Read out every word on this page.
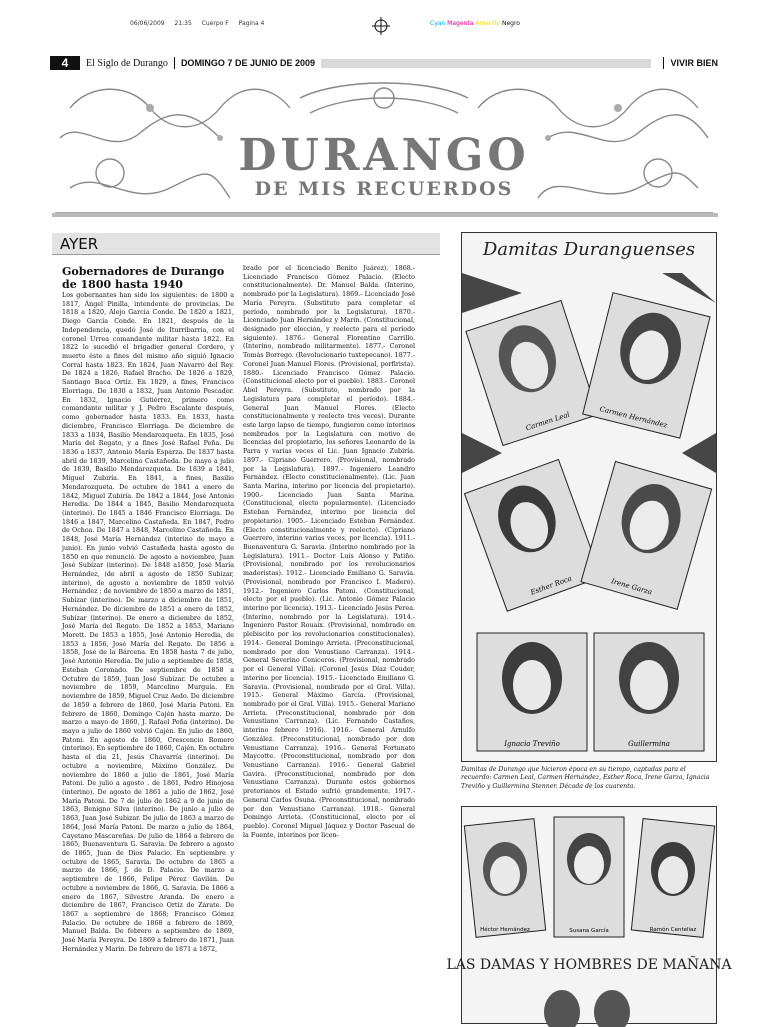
06/06/2009 21:35 Cuerpo F Pagina 4	Cyan Magenta Amarillo Negro
4	El Siglo de Durango DOMINGO 7 DE JUNIO DE 2009	VIVIR BIEN
DURANGO
DE MIS RECUERDOS
AYER
Gobernadores de Durango de 1800 hasta 1940
Los gobernantes han sido los siguientes: de 1800 a 1817, Ángel Pinilla, intendente de provincias. De 1818 a 1820, Alejo García Conde. De 1820 a 1821, Diego García Conde. En 1821, después de la Independencia, quedó José de Iturribarría, con el coronel Urrea comandante militar hasta 1822. En 1822 le sucedió el brigadier general Cordero, y muerto éste a fines del mismo año siguió Ignacio Corral hasta 1823. En 1824, Juan Navarro del Rey. De 1824 a 1826, Rafael Bracho. De 1826 a 1829, Santiago Baca Ortiz. En 1829, a fines, Francisco Elorriaga. De 1830 a 1832, Juan Antonio Pescador. En 1832, Ignacio Gutiérrez, primero como comandante militar y J. Pedro Escalante después, como gobernador hasta 1833. En 1833, hasta diciembre, Francisco Elorriaga. De diciembre de 1833 a 1834, Basilio Mendarozqueta. En 1835, José María del Regato, y a fines José Rafael Peña. De 1836 a 1837, Antonio María Esparza. De 1837 hasta abril de 1839, Marcelino Castañeda. De mayo a julio de 1839, Basilio Mendarozqueta. De 1839 a 1841, Miguel Zubiría. En 1841, a fines, Basilio Mendarozqueta. De octubre de 1841 a enero de 1842, Miguel Zubiría. De 1842 a 1844, José Antonio Heredia. De 1844 a 1845, Basilio Mendarozqueta (interino). De 1845 a 1846 Francisco Elorriaga. De 1846 a 1847, Marcelino Castañeda. En 1847, Pedro de Ochoa. De 1847 a 1848, Marcelino Castañeda. En 1848, José María Hernández (interino de mayo a junio). En junio volvió Castañeda hasta agosto de 1850 en que renunció. De agosto a noviembre, Juan José Subízar (interino). De 1848 a1850, José María Hernández, (de abril a agosto de 1850 Subizar, interino), de agosto a noviembre de 1850 volvió Hernández ; de noviembre de 1850 a marzo de 1851, Subízar (interino). De marzo a diciembre de 1851, Hernández. De diciembre de 1851 a enero de 1852, Subízar (interino). De enero a diciembre de 1852, José María del Regato. De 1852 a 1853, Mariano Morett. De 1853 a 1855, José Antonio Heredia, de 1853 a 1856, José María del Regato. De 1856 a 1858, José de la Bárcena. En 1858 hasta 7 de julio, José Antonio Heredia. De julio a septiembre de 1858, Esteban Coronado. De septiembre de 1858 a Octubre de 1859, Juan José Subízar. De octubre a noviembre de 1859, Marcelino Murguía. En noviembre de 1859, Miguel Cruz Aedo. De diciembre de 1859 a febrero de 1860, José María Patoni. En febrero de 1860, Domingo Cajén hasta marzo. De marzo a mayo de 1860, J. Rafael Peña (interino). De mayo a julio de 1860 volvió Cajén. En julio de 1860, Patoni. En agosto de 1860, Crescencio Romero (interino). En septiembre de 1860, Cajén. En octubre hasta el día 21, Jesús Chavarría (interino). De octubre a noviembre, Máximo González. De noviembre de 1860 a julio de 1861, José María Patoni. De julio a agosto . de 1861, Pedro Hinojosa (interino). De agosto de 1861 a julio de 1862, José María Patoni. De 7 de julio de 1862 a 9 de junio de 1863, Benigno Silva (interino). De junio a julio de 1863, Juan José Subizar. De julio de 1863 a marzo de 1864, José María Patoni. De marzo a julio de 1864, Cayetano Mascareñas. De julio de 1864 a febrero de 1865, Buenaventura G. Saravia. De febrero a agosto de 1865, Juan de Dios Palacio. En septiembre y octubre de 1865, Saravia. De octubre de 1865 a marzo de 1866, J. de D. Palacio. De marzo a septiembre de 1866, Felipe Pérez Gavilán. De octubre a noviembre de 1866, G. Saravia. De 1866 a enero de 1867, Silvestre Aranda. De enero a diciembre de 1867, Francisco Ortiz de Zárate. De 1867 a septiembre de 1868; Francisco Gómez Palacio. De octubre de 1868 a febrero de 1869, Manuel Balda. De febrero a septiembre de 1869, José María Pereyra. De 1869 a febrero de 1871, Juan Hernández y Marín. De febrero de 1871 a 1872,
brado por el licenciado Benito Juárez). 1868.- Licenciado Francisco Gómez Palacio. (Electo constitucionalmente). Dr. Manuel Balda. (Interino, nombrado por la Legislatura). 1869.- Licenciado José María Pereyra. (Substituto para completar el período, nombrado por la Legislatura). 1870.- Licenciado Juan Hernández y Marín. (Constitucional, designado por elección, y reelecto para el período siguiente). 1876.- General Florentino Carrillo. (Interino, nombrado militarmente). 1877.- Coronel Tomás Borrego. (Revolucionario tuxtepecano). 1877.- Coronel Juan Manuel Flores. (Provisional, porfirista). 1880.- Licenciado Francisco Gómez Palacio. (Constitucional electo por el pueblo). 1883.- Coronel Abel Pereyra. (Substituto, nombrado por la Legislatura para completar el período). 1884.- General Juan Manuel Flores. (Electo constitucionalmente y reelecto tres veces). Durante este largo lapso de tiempo, fungieron como interinos nombrados por la Legislatura con motivo de licencias del propietario, los señores Leonardo de la Parra y varias veces el Lic. Juan Ignacio Zubiría. 1897.- Cipriano Guerrero. (Provisional, nombrado por la Legislatura). 1897.- Ingeniero Leandro Fernández. (Electo constitucionalmente). (Lic. Juan Santa Marina, interino por licencia del propietario). 1900.- Licenciado Juan Santa Marina. (Constitucional, electo popularmente). (Licenciado Esteban Fernández, interino por licencia del propietario). 1905.- Licenciado Esteban Fernández. (Electo constitucionalmente y reelecto). (Cipriano Guerrero, interino varias veces, por licencia). 1911.- Buenaventura G. Saravia. (Interino nombrado por la Legislatura). 1911.- Doctor Luis Alonso y Patiño. (Provisional, nombrado por los revolucionarios maderistas). 1912.- Licenciado Emiliano G. Saravia. (Provisional, nombrado por Francisco I. Madero). 1912.- Ingeniero Carlos Patoni. (Constitucional, electo por el pueblo). (Lic. Antonio Gómez Palacio interino por licencia). 1913.- Licenciado Jesús Perea. (Interino, nombrado por la Legislatura). 1914.- Ingeniero Pastor Rouaix. (Provisional, nombrado en plebiscito por los revolucionarios constitucionales). 1914.- General Domingo Arrieta. (Preconstitucional, nombrado por don Venustiano Carranza). 1914.- General Severino Ceniceros. (Provisional, nombrado por el General Villa). (Coronel Jesús Díaz Couder, interino por licencia). 1915.- Licenciado Emiliano G. Saravia. (Provisional, nombrado por el Gral. Villa). 1915.- General Máximo García. (Provisional, nombrado por el Gral. Villa). 1915.- General Mariano Arrieta. (Preconstitucional, nombrado por don Venustiano Carranza). (Lic. Fernando Castaños, interino febrero 1916). 1916.- General Arnulfo González. (Preconstitucional, nombrado por don Venustiano Carranza). 1916.- General Fortunato Maycotte. (Preconstitucional, nombrado por don Venustiano Carranza). 1916.- General Gabriel Gavira. (Preconstitucional, nombrado por don Venustiano Carranza). Durante estos gobiernos pretorianos el Estado sufrió grandemente. 1917.- General Carlos Osuna. (Preconstitucional, nombrado por don Venustiano Carranza). 1918.- General Domingo Arrieta. (Constitucional, electo por el pueblo). Coronel Miguel Jáquez y Doctor Pascual de la Fuente, interinos por licen-
Damitas Duranguenses
Carmen Leal	Carmen Hernández
Esther Roca	Irene Garza
Ignacia Treviño	Guillermina
Damitas de Durango que hicieron época en su tiempo, captadas para el recuerdo: Carmen Leal, Carmen Hernández, Esther Roca, Irene Garza, Ignacia Treviño y Guillermina Stenner. Década de los cuarenta.
Héctor Hernández	Susana García	Ramón Centeliaz
LAS DAMAS Y HOMBRES DE MAÑANA
